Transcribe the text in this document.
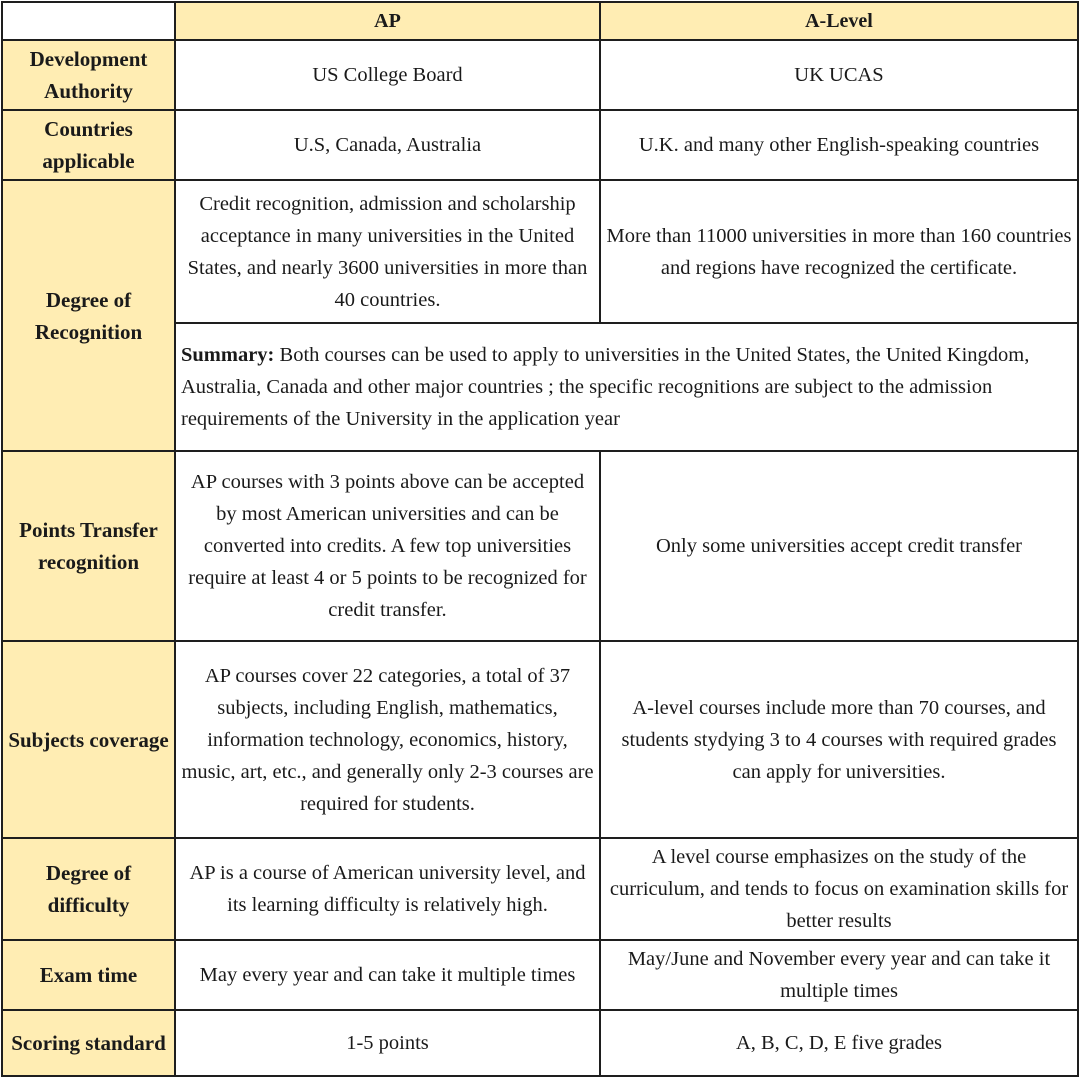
	AP	A-Level
Development Authority	US College Board	UK UCAS
Countries applicable	U.S, Canada, Australia	U.K. and many other English-speaking countries
Degree of Recognition	Credit recognition, admission and scholarship acceptance in many universities in the United States, and nearly 3600 universities in more than 40 countries.	More than 11000 universities in more than 160 countries and regions have recognized the certificate.
	Summary: Both courses can be used to apply to universities in the United States, the United Kingdom, Australia, Canada and other major countries ; the specific recognitions are subject to the admission requirements of the University in the application year	
Points Transfer recognition	AP courses with 3 points above can be accepted by most American universities and can be converted into credits. A few top universities require at least 4 or 5 points to be recognized for credit transfer.	Only some universities accept credit transfer
Subjects coverage	AP courses cover 22 categories, a total of 37 subjects, including English, mathematics, information technology, economics, history, music, art, etc., and generally only 2-3 courses are required for students.	A-level courses include more than 70 courses, and students stydying 3 to 4 courses with required grades can apply for universities.
Degree of difficulty	AP is a course of American university level, and its learning difficulty is relatively high.	A level course emphasizes on the study of the curriculum, and tends to focus on examination skills for better results
Exam time	May every year and can take it multiple times	May/June and November every year and can take it multiple times
Scoring standard	1-5 points	A, B, C, D, E five grades
